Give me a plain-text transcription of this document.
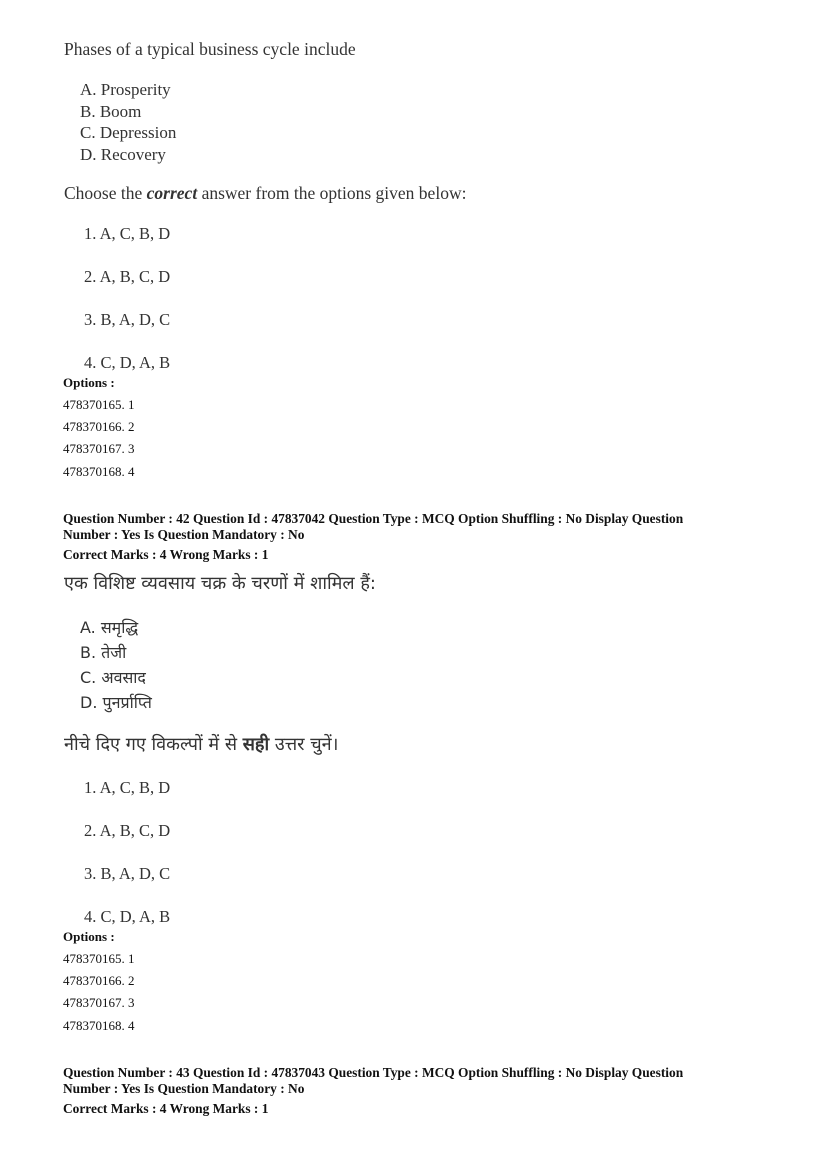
Phases of a typical business cycle include
A. Prosperity
B. Boom
C. Depression
D. Recovery
Choose the correct answer from the options given below:
1. A, C, B, D
2. A, B, C, D
3. B, A, D, C
4. C, D, A, B
Options :
478370165. 1
478370166. 2
478370167. 3
478370168. 4

Question Number : 42 Question Id : 47837042 Question Type : MCQ Option Shuffling : No Display Question

Number : Yes Is Question Mandatory : No

Correct Marks : 4 Wrong Marks : 1

एक विशिष्ट व्यवसाय चक्र के चरणों में शामिल हैं:
A. समृद्धि
B. तेजी
C. अवसाद
D. पुनर्प्राप्ति
नीचे दिए गए विकल्पों में से सही उत्तर चुनें।
1. A, C, B, D
2. A, B, C, D
3. B, A, D, C
4. C, D, A, B
Options :
478370165. 1
478370166. 2
478370167. 3
478370168. 4

Question Number : 43 Question Id : 47837043 Question Type : MCQ Option Shuffling : No Display Question

Number : Yes Is Question Mandatory : No

Correct Marks : 4 Wrong Marks : 1
